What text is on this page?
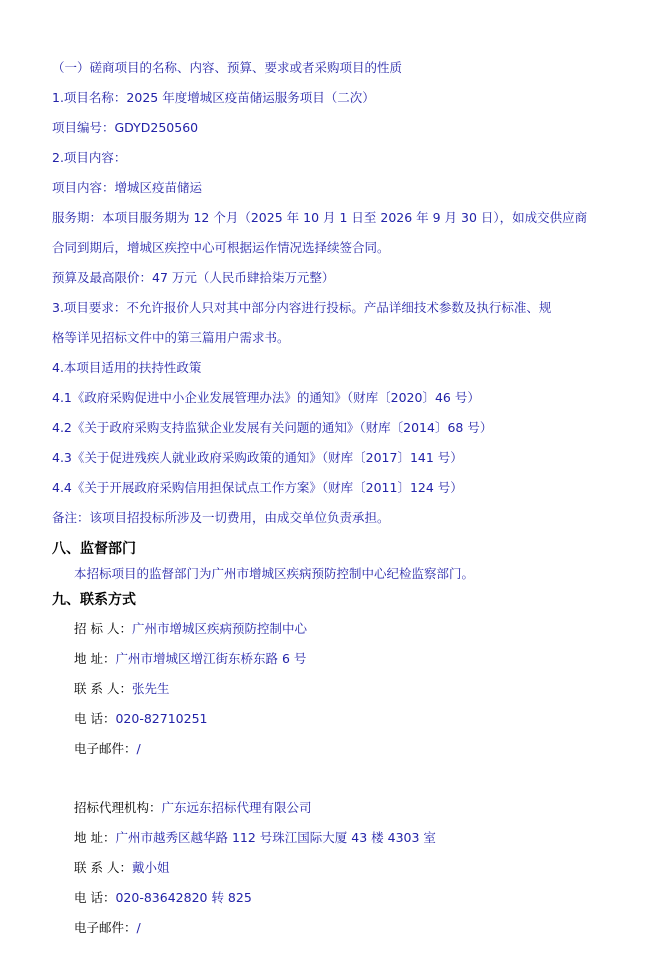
（一）磋商项目的名称、内容、预算、要求或者采购项目的性质
1.项目名称：2025 年度增城区疫苗储运服务项目（二次）
项目编号：GDYD250560
2.项目内容：
项目内容：增城区疫苗储运
服务期：本项目服务期为 12 个月（2025 年 10 月 1 日至 2026 年 9 月 30 日），如成交供应商
合同到期后，增城区疾控中心可根据运作情况选择续签合同。
预算及最高限价：47 万元（人民币肆拾柒万元整）
3.项目要求：不允许报价人只对其中部分内容进行投标。产品详细技术参数及执行标准、规
格等详见招标文件中的第三篇用户需求书。
4.本项目适用的扶持性政策
4.1《政府采购促进中小企业发展管理办法》的通知》（财库〔2020〕46 号）
4.2《关于政府采购支持监狱企业发展有关问题的通知》（财库〔2014〕68 号）
4.3《关于促进残疾人就业政府采购政策的通知》（财库〔2017〕141 号）
4.4《关于开展政府采购信用担保试点工作方案》（财库〔2011〕124 号）
备注：该项目招投标所涉及一切费用，由成交单位负责承担。
八、监督部门
本招标项目的监督部门为广州市增城区疾病预防控制中心纪检监察部门。
九、联系方式
招 标 人：广州市增城区疾病预防控制中心
地 址：广州市增城区增江街东桥东路 6 号
联 系 人：张先生
电 话：020-82710251
电子邮件：/
招标代理机构：广东远东招标代理有限公司
地 址：广州市越秀区越华路 112 号珠江国际大厦 43 楼 4303 室
联 系 人：戴小姐
电 话：020-83642820 转 825
电子邮件：/
